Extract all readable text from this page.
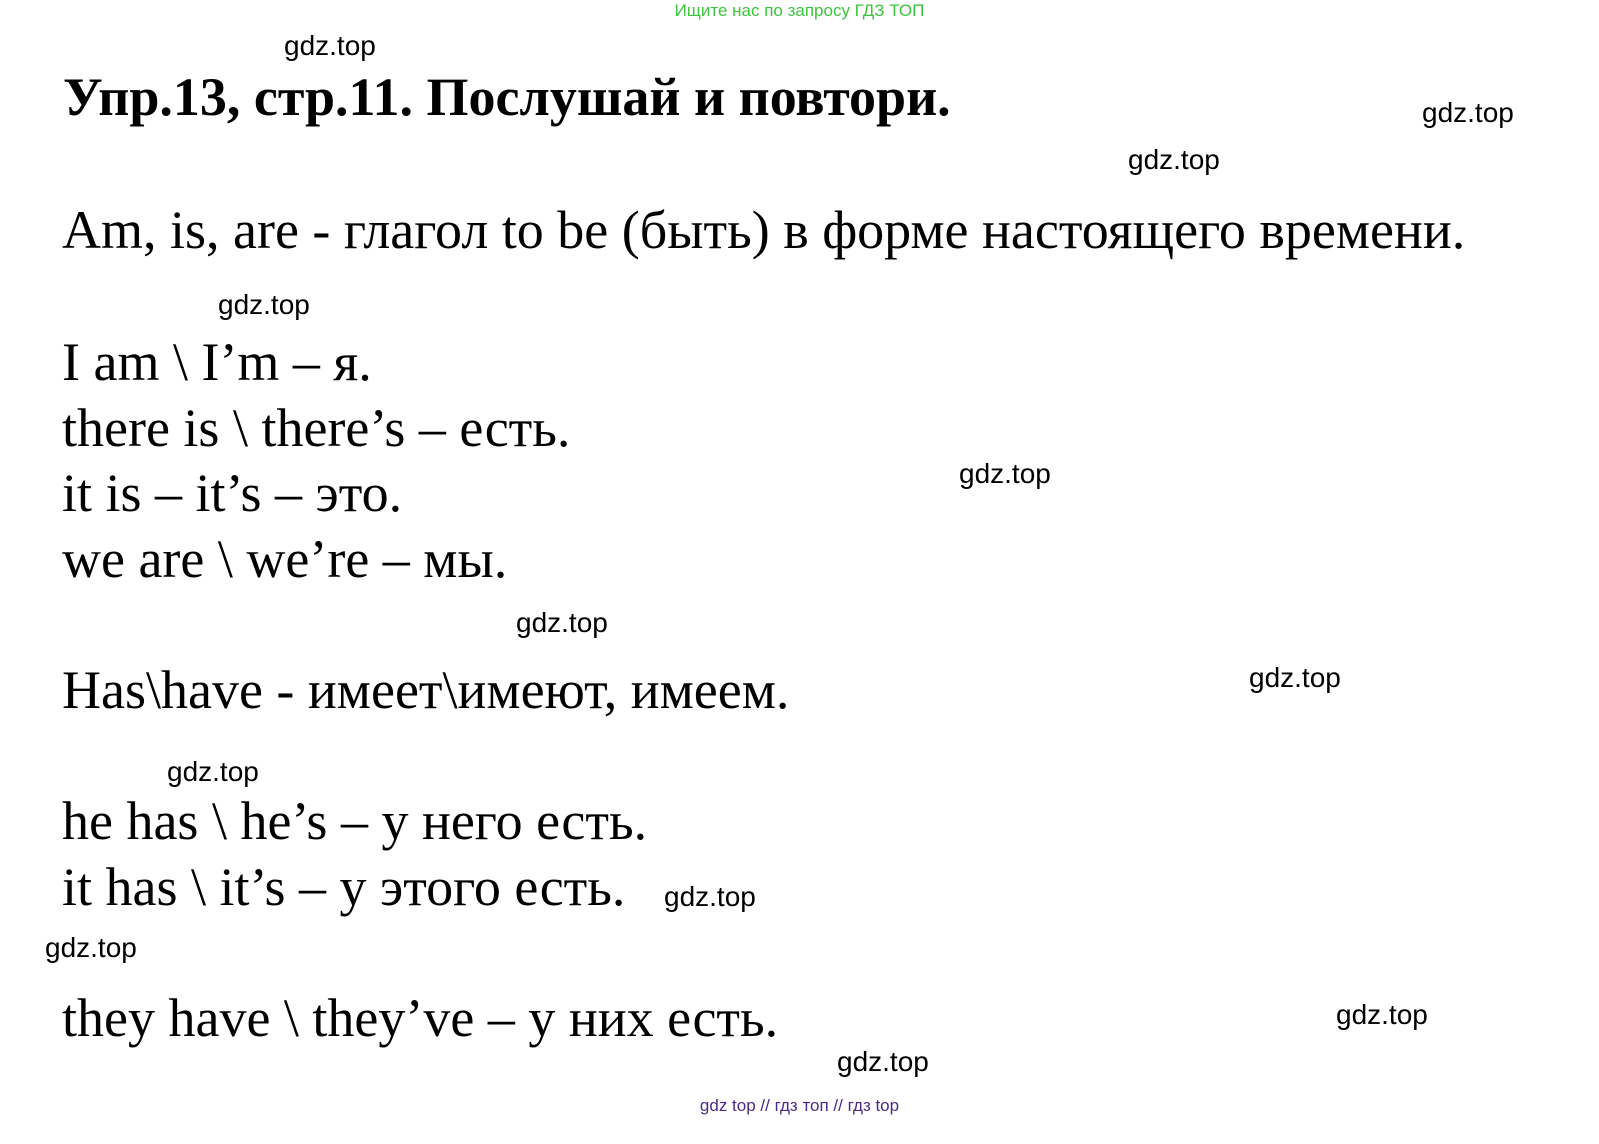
Ищите нас по запросу ГДЗ ТОП
Упр.13, стр.11. Послушай и повтори.
Am, is, are - глагол to be (быть) в форме настоящего времени.
I am \ I’m – я.
there is \ there’s – есть.
it is – it’s – это.
we are \ we’re – мы.
Has\have - имеет\имеют, имеем.
he has \ he’s – у него есть.
it has \ it’s – у этого есть.
they have \ they’ve – у них есть.
gdz.top
gdz.top
gdz.top
gdz.top
gdz.top
gdz.top
gdz.top
gdz.top
gdz.top
gdz.top
gdz.top
gdz.top
gdz top // гдз топ // гдз top
